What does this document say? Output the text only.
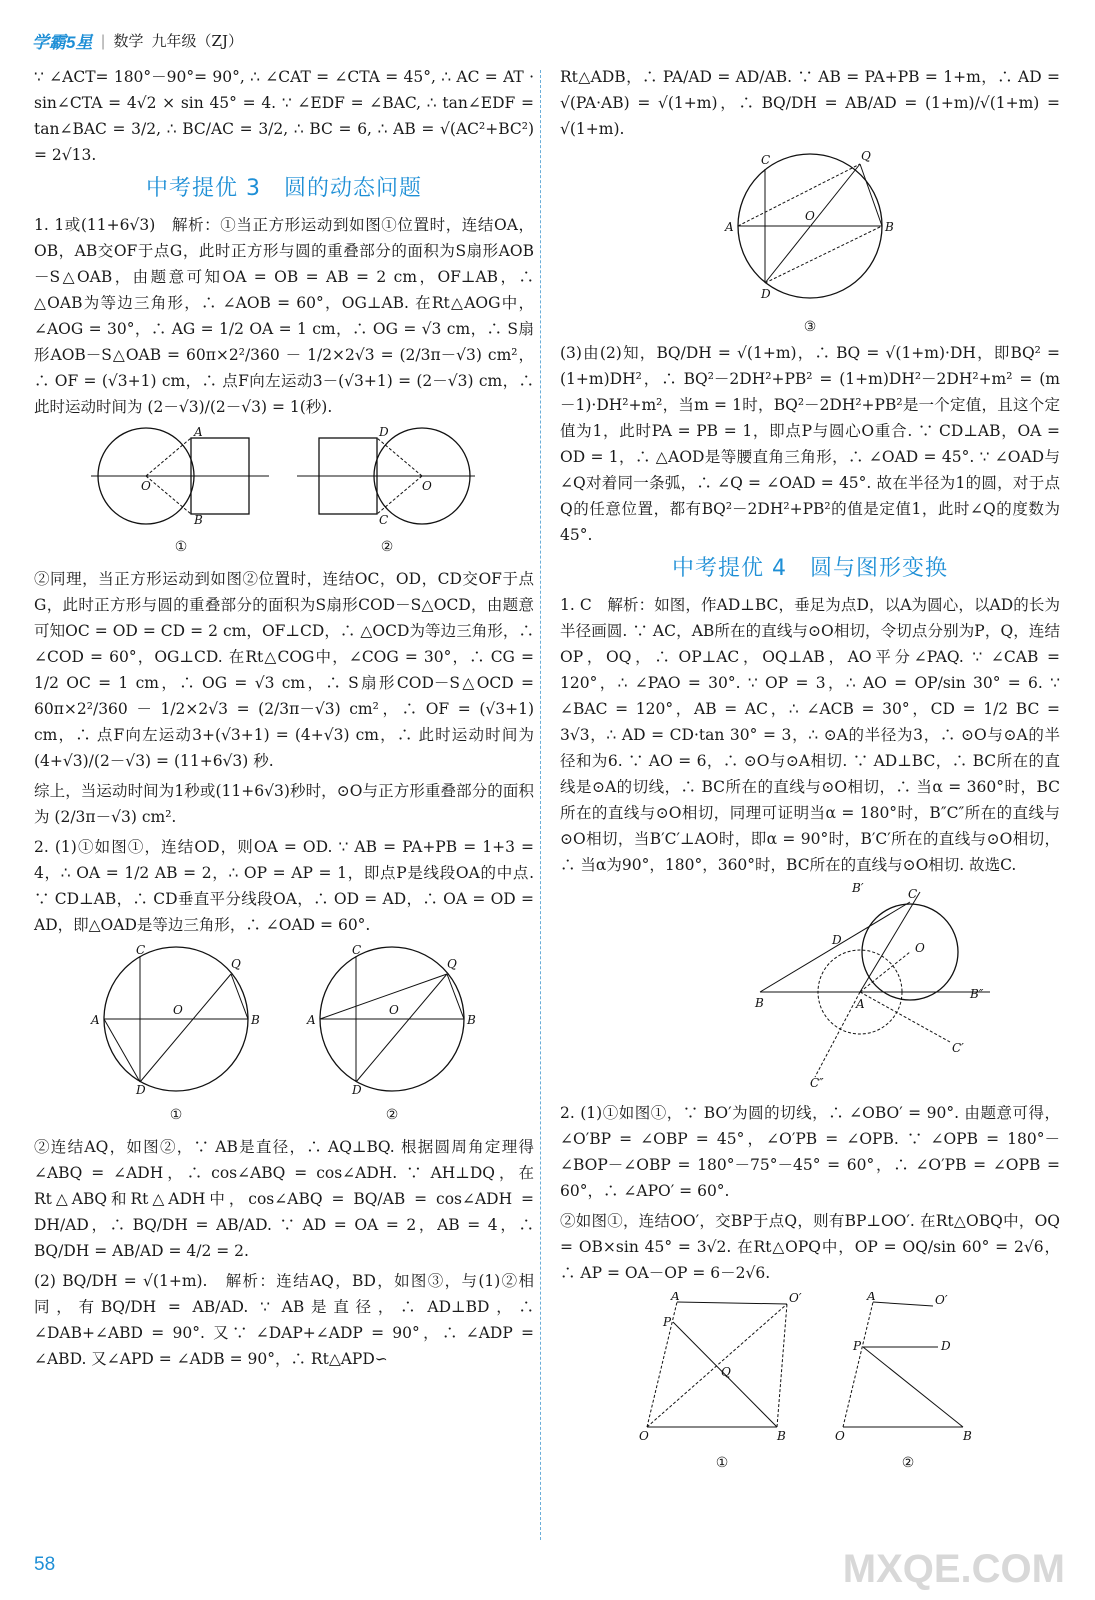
学霸5星 | 数学 九年级（ZJ）

∵ ∠ACT= 180°－90°= 90°, ∴ ∠CAT = ∠CTA = 45°, ∴ AC = AT · sin∠CTA = 4√2 × sin 45° = 4. ∵ ∠EDF = ∠BAC, ∴ tan∠EDF = tan∠BAC = 3/2, ∴ BC/AC = 3/2, ∴ BC = 6, ∴ AB = √(AC²+BC²) = 2√13.

中考提优 3　圆的动态问题

1. 1或(11+6√3)　解析：①当正方形运动到如图①位置时，连结OA，OB，AB交OF于点G，此时正方形与圆的重叠部分的面积为S扇形AOB－S△OAB，由题意可知OA = OB = AB = 2 cm，OF⊥AB，∴ △OAB为等边三角形，∴ ∠AOB = 60°，OG⊥AB. 在Rt△AOG中，∠AOG = 30°，∴ AG = 1/2 OA = 1 cm，∴ OG = √3 cm，∴ S扇形AOB－S△OAB = 60π×2²/360 － 1/2×2√3 = (2/3π－√3) cm²，∴ OF = (√3+1) cm，∴ 点F向左运动3－(√3+1) = (2－√3) cm，∴ 此时运动时间为 (2－√3)/(2－√3) = 1(秒).

O
A
B
①
O
D
C
②

②同理，当正方形运动到如图②位置时，连结OC，OD，CD交OF于点G，此时正方形与圆的重叠部分的面积为S扇形COD－S△OCD，由题意可知OC = OD = CD = 2 cm，OF⊥CD，∴ △OCD为等边三角形，∴ ∠COD = 60°，OG⊥CD. 在Rt△COG中，∠COG = 30°，∴ CG = 1/2 OC = 1 cm，∴ OG = √3 cm，∴ S扇形COD－S△OCD = 60π×2²/360 － 1/2×2√3 = (2/3π－√3) cm²，∴ OF = (√3+1) cm，∴ 点F向左运动3+(√3+1) = (4+√3) cm，∴ 此时运动时间为 (4+√3)/(2－√3) = (11+6√3) 秒.

综上，当运动时间为1秒或(11+6√3)秒时，⊙O与正方形重叠部分的面积为 (2/3π－√3) cm².

2. (1)①如图①，连结OD，则OA = OD. ∵ AB = PA+PB = 1+3 = 4，∴ OA = 1/2 AB = 2，∴ OP = AP = 1，即点P是线段OA的中点. ∵ CD⊥AB，∴ CD垂直平分线段OA，∴ OD = AD，∴ OA = OD = AD，即△OAD是等边三角形，∴ ∠OAD = 60°.

A	B
C
D
Q
O
①
A	B
C
D
Q
O
②

②连结AQ，如图②，∵ AB是直径，∴ AQ⊥BQ. 根据圆周角定理得∠ABQ = ∠ADH，∴ cos∠ABQ = cos∠ADH. ∵ AH⊥DQ，在Rt△ABQ和Rt△ADH中，cos∠ABQ = BQ/AB = cos∠ADH = DH/AD，∴ BQ/DH = AB/AD. ∵ AD = OA = 2，AB = 4，∴ BQ/DH = AB/AD = 4/2 = 2.

(2) BQ/DH = √(1+m).　解析：连结AQ，BD，如图③，与(1)②相同，有BQ/DH = AB/AD. ∵ AB是直径，∴ AD⊥BD，∴ ∠DAB+∠ABD = 90°. 又∵ ∠DAP+∠ADP = 90°，∴ ∠ADP = ∠ABD. 又∠APD = ∠ADB = 90°，∴ Rt△APD∽

Rt△ADB，∴ PA/AD = AD/AB. ∵ AB = PA+PB = 1+m，∴ AD = √(PA·AB) = √(1+m)，∴ BQ/DH = AB/AD = (1+m)/√(1+m) = √(1+m).

A	B
C
D
Q
O
③

(3)由(2)知，BQ/DH = √(1+m)，∴ BQ = √(1+m)·DH，即BQ² = (1+m)DH²，∴ BQ²－2DH²+PB² = (1+m)DH²－2DH²+m² = (m－1)·DH²+m²，当m = 1时，BQ²－2DH²+PB²是一个定值，且这个定值为1，此时PA = PB = 1，即点P与圆心O重合. ∵ CD⊥AB，OA = OD = 1，∴ △AOD是等腰直角三角形，∴ ∠OAD = 45°. ∵ ∠OAD与∠Q对着同一条弧，∴ ∠Q = ∠OAD = 45°. 故在半径为1的圆，对于点Q的任意位置，都有BQ²－2DH²+PB²的值是定值1，此时∠Q的度数为45°.

中考提优 4　圆与图形变换

1. C　解析：如图，作AD⊥BC，垂足为点D，以A为圆心，以AD的长为半径画圆. ∵ AC，AB所在的直线与⊙O相切，令切点分别为P，Q，连结OP，OQ，∴ OP⊥AC，OQ⊥AB，AO平分∠PAQ. ∵ ∠CAB = 120°，∴ ∠PAO = 30°. ∵ OP = 3，∴ AO = OP/sin 30° = 6. ∵ ∠BAC = 120°，AB = AC，∴ ∠ACB = 30°，CD = 1/2 BC = 3√3，∴ AD = CD·tan 30° = 3，∴ ⊙A的半径为3，∴ ⊙O与⊙A的半径和为6. ∵ AO = 6，∴ ⊙O与⊙A相切. ∵ AD⊥BC，∴ BC所在的直线是⊙A的切线，∴ BC所在的直线与⊙O相切，∴ 当α = 360°时，BC所在的直线与⊙O相切，同理可证明当α = 180°时，B″C″所在的直线与⊙O相切，当B′C′⊥AO时，即α = 90°时，B′C′所在的直线与⊙O相切，∴ 当α为90°，180°，360°时，BC所在的直线与⊙O相切. 故选C.

B	A
O
C
B′
B″
C′
C″
D

2. (1)①如图①，∵ BO′为圆的切线，∴ ∠OBO′ = 90°. 由题意可得，∠O′BP = ∠OBP = 45°，∠O′PB = ∠OPB. ∵ ∠OPB = 180°－∠BOP－∠OBP = 180°－75°－45° = 60°，∴ ∠O′PB = ∠OPB = 60°，∴ ∠APO′ = 60°.

②如图①，连结OO′，交BP于点Q，则有BP⊥OO′. 在Rt△OBQ中，OQ = OB×sin 45° = 3√2. 在Rt△OPQ中，OP = OQ/sin 60° = 2√6，∴ AP = OA－OP = 6－2√6.

O	B
A	O′
P
Q
①
O	B
A	O′
P	D
②
58	MXQE.COM
